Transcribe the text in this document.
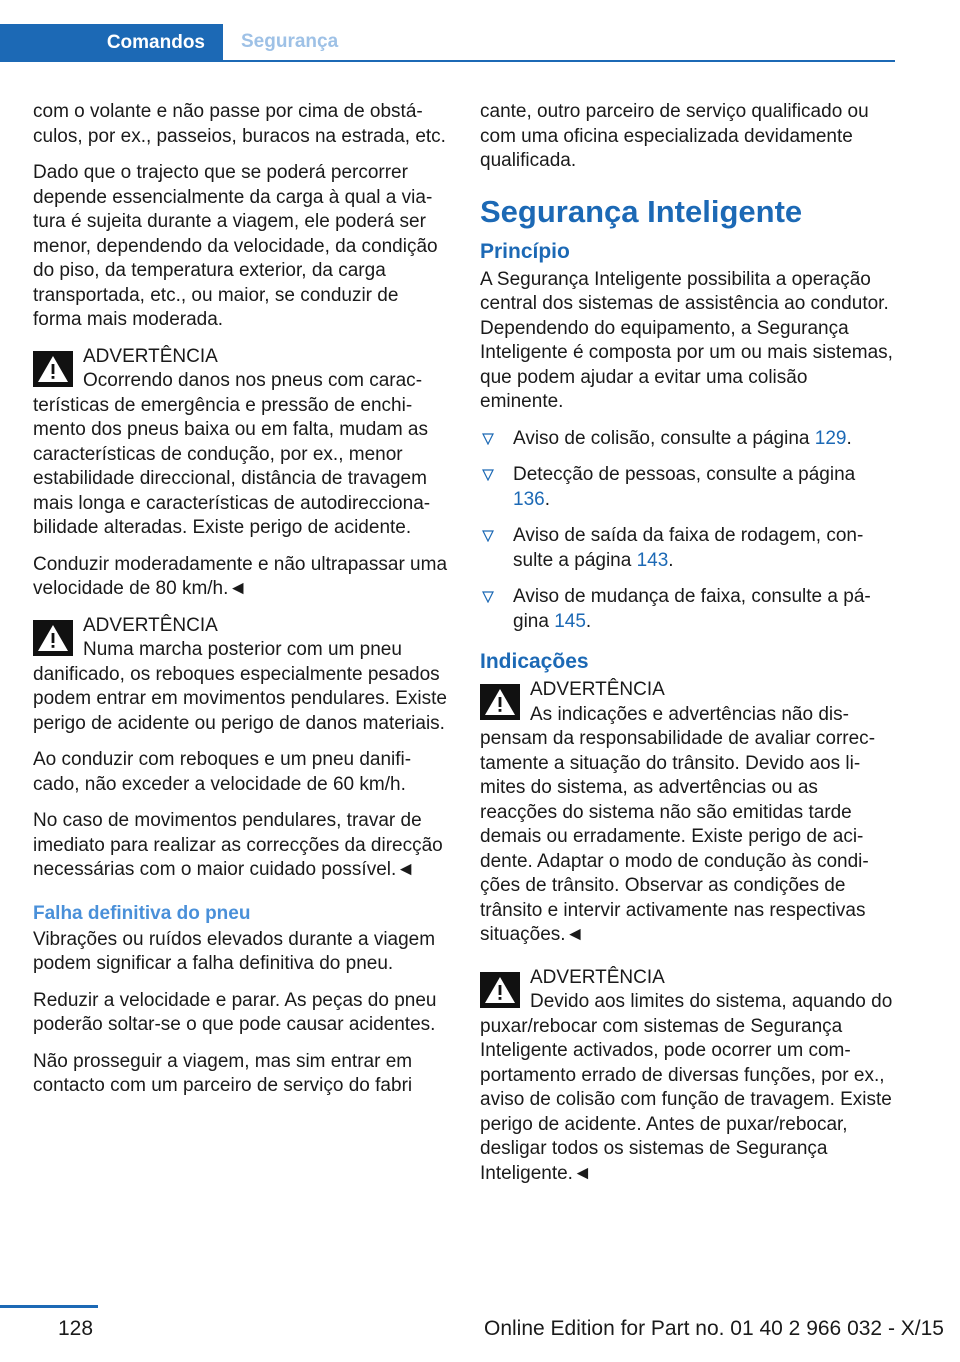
Comandos	Segurança

com o volante e não passe por cima de obstáculos, por ex., passeios, buracos na estrada, etc.

Dado que o trajecto que se poderá percorrer depende essencialmente da carga à qual a viatura é sujeita durante a viagem, ele poderá ser menor, dependendo da velocidade, da condição do piso, da temperatura exterior, da carga transportada, etc., ou maior, se conduzir de forma mais moderada.

ADVERTÊNCIA
Ocorrendo danos nos pneus com características de emergência e pressão de enchimento dos pneus baixa ou em falta, mudam as características de condução, por ex., menor estabilidade direccional, distância de travagem mais longa e características de autodireccionabilidade alteradas. Existe perigo de acidente.

Conduzir moderadamente e não ultrapassar uma velocidade de 80 km/h.◄

ADVERTÊNCIA
Numa marcha posterior com um pneu danificado, os reboques especialmente pesados podem entrar em movimentos pendulares. Existe perigo de acidente ou perigo de danos materiais.

Ao conduzir com reboques e um pneu danificado, não exceder a velocidade de 60 km/h.

No caso de movimentos pendulares, travar de imediato para realizar as correcções da direcção necessárias com o maior cuidado possível.◄

Falha definitiva do pneu

Vibrações ou ruídos elevados durante a viagem podem significar a falha definitiva do pneu.

Reduzir a velocidade e parar. As peças do pneu poderão soltar-se o que pode causar acidentes.

Não prosseguir a viagem, mas sim entrar em contacto com um parceiro de serviço do fabri

cante, outro parceiro de serviço qualificado ou com uma oficina especializada devidamente qualificada.

Segurança Inteligente
Princípio

A Segurança Inteligente possibilita a operação central dos sistemas de assistência ao condutor. Dependendo do equipamento, a Segurança Inteligente é composta por um ou mais sistemas, que podem ajudar a evitar uma colisão eminente.

Aviso de colisão, consulte a página 129.
Detecção de pessoas, consulte a página 136.
Aviso de saída da faixa de rodagem, consulte a página 143.
Aviso de mudança de faixa, consulte a página 145.
Indicações
ADVERTÊNCIA
As indicações e advertências não dispensam da responsabilidade de avaliar correctamente a situação do trânsito. Devido aos limites do sistema, as advertências ou as reacções do sistema não são emitidas tarde demais ou erradamente. Existe perigo de acidente. Adaptar o modo de condução às condições de trânsito. Observar as condições de trânsito e intervir activamente nas respectivas situações.◄
ADVERTÊNCIA
Devido aos limites do sistema, aquando do puxar/rebocar com sistemas de Segurança Inteligente activados, pode ocorrer um comportamento errado de diversas funções, por ex., aviso de colisão com função de travagem. Existe perigo de acidente. Antes de puxar/rebocar, desligar todos os sistemas de Segurança Inteligente.◄
128	Online Edition for Part no. 01 40 2 966 032 - X/15
